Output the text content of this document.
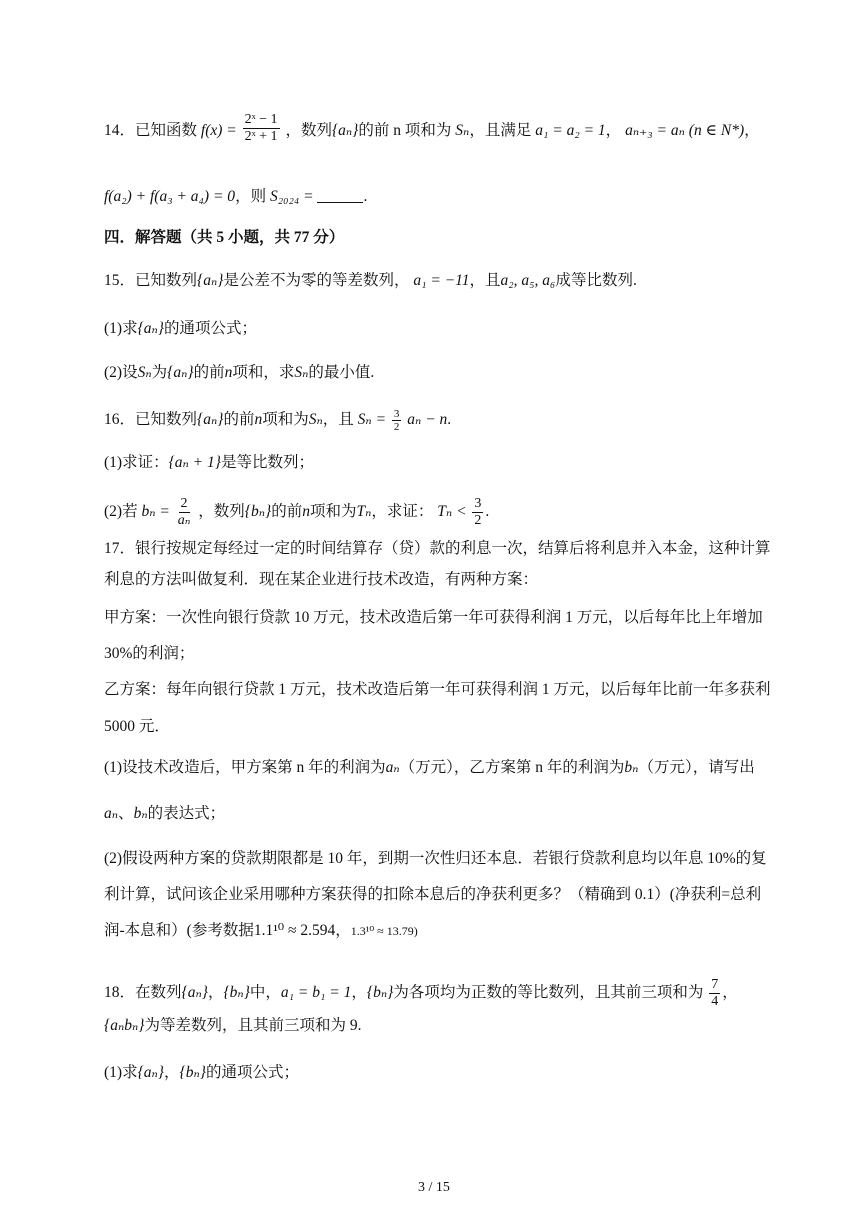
14．已知函数 $f(x) = \frac{\text{2ˣ − 1}}{\text{2ˣ + 1}}$ ，数列{aₙ}的前 n 项和为 Sₙ，且满足 a₁ = a₂ = 1， aₙ₊₃ = aₙ (n ∈ N*)，
f(a₂) + f(a₃ + a₄) = 0，则 S₂₀₂₄ =	.
四．解答题（共 5 小题，共 77 分）
15．已知数列{aₙ}是公差不为零的等差数列， a₁ = −11，且a₂, a₅, a₆成等比数列.
(1)求{aₙ}的通项公式；
(2)设Sₙ为{aₙ}的前n项和，求Sₙ的最小值.
16．已知数列{aₙ}的前n项和为Sₙ，且 $S_n = \frac{3}{2}$ aₙ − n.
(1)求证：{aₙ + 1}是等比数列；
(2)若 $b_n = \frac{2}{\text{aₙ}}$ ，数列{bₙ}的前n项和为Tₙ，求证： $T_n < \frac{3}{2}$ .
17．银行按规定每经过一定的时间结算存（贷）款的利息一次，结算后将利息并入本金，这种计算
利息的方法叫做复利．现在某企业进行技术改造，有两种方案：
甲方案：一次性向银行贷款 10 万元，技术改造后第一年可获得利润 1 万元，以后每年比上年增加
30%的利润；
乙方案：每年向银行贷款 1 万元，技术改造后第一年可获得利润 1 万元，以后每年比前一年多获利
5000 元．
(1)设技术改造后，甲方案第 n 年的利润为aₙ（万元），乙方案第 n 年的利润为bₙ（万元），请写出
aₙ、bₙ的表达式；
(2)假设两种方案的贷款期限都是 10 年，到期一次性归还本息．若银行贷款利息均以年息 10%的复
利计算，试问该企业采用哪种方案获得的扣除本息后的净获利更多？（精确到 0.1）(净获利=总利
润-本息和）(参考数据1.1¹⁰ ≈ 2.594，1.3¹⁰ ≈ 13.79)
18．在数列{aₙ}，{bₙ}中，a₁ = b₁ = 1，{bₙ}为各项均为正数的等比数列，且其前三项和为 $\frac{7}{4}$ ，
{aₙbₙ}为等差数列，且其前三项和为 9.
(1)求{aₙ}，{bₙ}的通项公式；
3 / 15
